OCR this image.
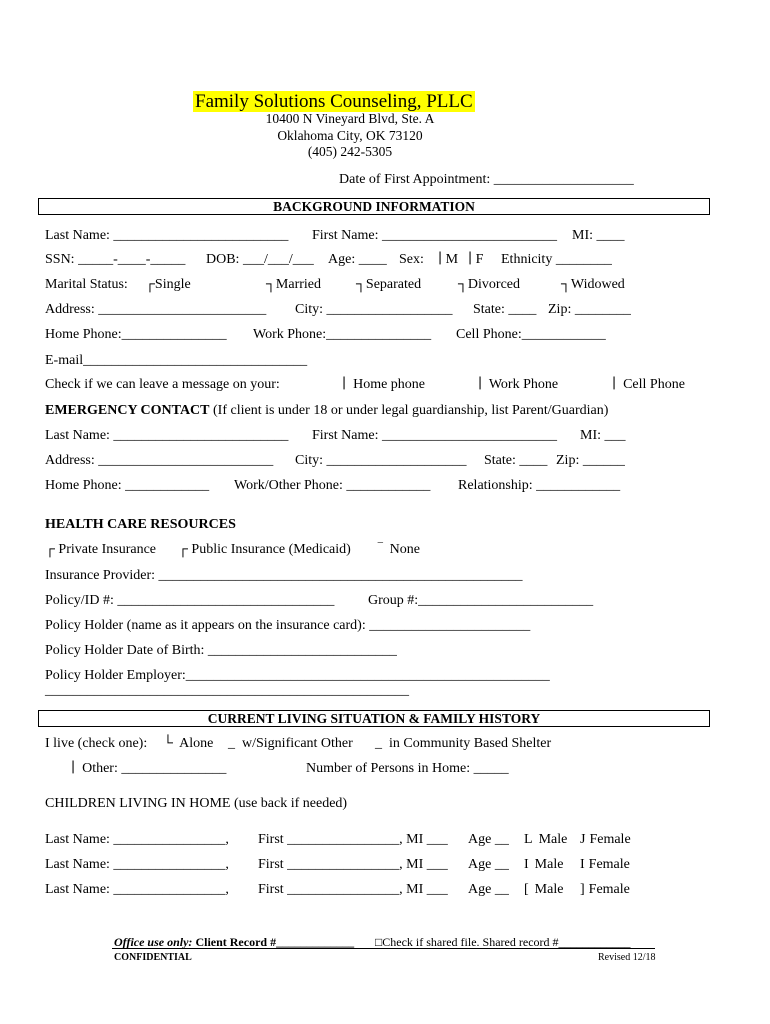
Family Solutions Counseling, PLLC
10400 N Vineyard Blvd, Ste. A
Oklahoma City, OK 73120
(405) 242-5305
Date of First Appointment: ____________________
BACKGROUND INFORMATION
Last Name: _________________________ First Name: _________________________ MI: ____
SSN: _____-____-_____ DOB: ___/___/___ Age: ____ Sex: ∣ M ∣ F Ethnicity ________
Marital Status: ┌Single	┐Married ┐Separated	┐Divorced	┐Widowed
Address: ________________________ City: __________________ State: ____ Zip: ________
Home Phone:_______________ Work Phone:_______________ Cell Phone:____________
E-mail________________________________
Check if we can leave a message on your:	∣  Home phone	∣  Work Phone	∣  Cell Phone
EMERGENCY CONTACT (If client is under 18 or under legal guardianship, list Parent/Guardian)
Last Name: _________________________ First Name: _________________________ MI: ___
Address: _________________________ City: ____________________ State: ____ Zip: ______
Home Phone: ____________ Work/Other Phone: ____________ Relationship: ____________
HEALTH CARE RESOURCES
┌ Private Insurance ┌ Public Insurance (Medicaid) ‾ None
Insurance Provider: ____________________________________________________
Policy/ID #: _______________________________ Group #:_________________________
Policy Holder (name as it appears on the insurance card): _______________________
Policy Holder Date of Birth: ___________________________
Policy Holder Employer:____________________________________________________
____________________________________________________
CURRENT LIVING SITUATION & FAMILY HISTORY
I live (check one): └ Alone _ w/Significant Other _ in Community Based Shelter
∣  Other: _______________	Number of Persons in Home: _____
CHILDREN LIVING IN HOME (use back if needed)
Last Name: ________________, First ________________, MI ___ Age __ L Male J Female
Last Name: ________________, First ________________, MI ___ Age __ I Male I Female
Last Name: ________________, First ________________, MI ___ Age __ [ Male ] Female
Office use only: Client Record #_____________ □Check if shared file. Shared record #____________
CONFIDENTIAL	Revised 12/18
